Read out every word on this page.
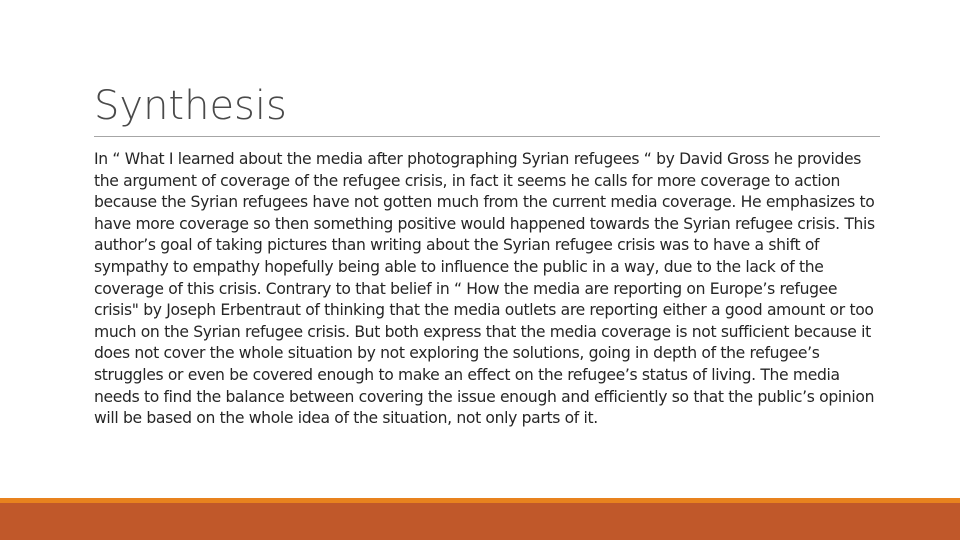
Synthesis

In “ What I learned about the media after photographing Syrian refugees “ by David Gross he provides the argument of coverage of the refugee crisis, in fact it seems he calls for more coverage to action because the Syrian refugees have not gotten much from the current media coverage. He emphasizes to have more coverage so then something positive would happened towards the Syrian refugee crisis. This author’s goal of taking pictures than writing about the Syrian refugee crisis was to have a shift of sympathy to empathy hopefully being able to influence the public in a way, due to the lack of the coverage of this crisis. Contrary to that belief in “ How the media are reporting on Europe’s refugee crisis" by Joseph Erbentraut of thinking that the media outlets are reporting either a good amount or too much on the Syrian refugee crisis. But both express that the media coverage is not sufficient because it does not cover the whole situation by not exploring the solutions, going in depth of the refugee’s struggles or even be covered enough to make an effect on the refugee’s status of living. The media needs to find the balance between covering the issue enough and efficiently so that the public’s opinion will be based on the whole idea of the situation, not only parts of it.
